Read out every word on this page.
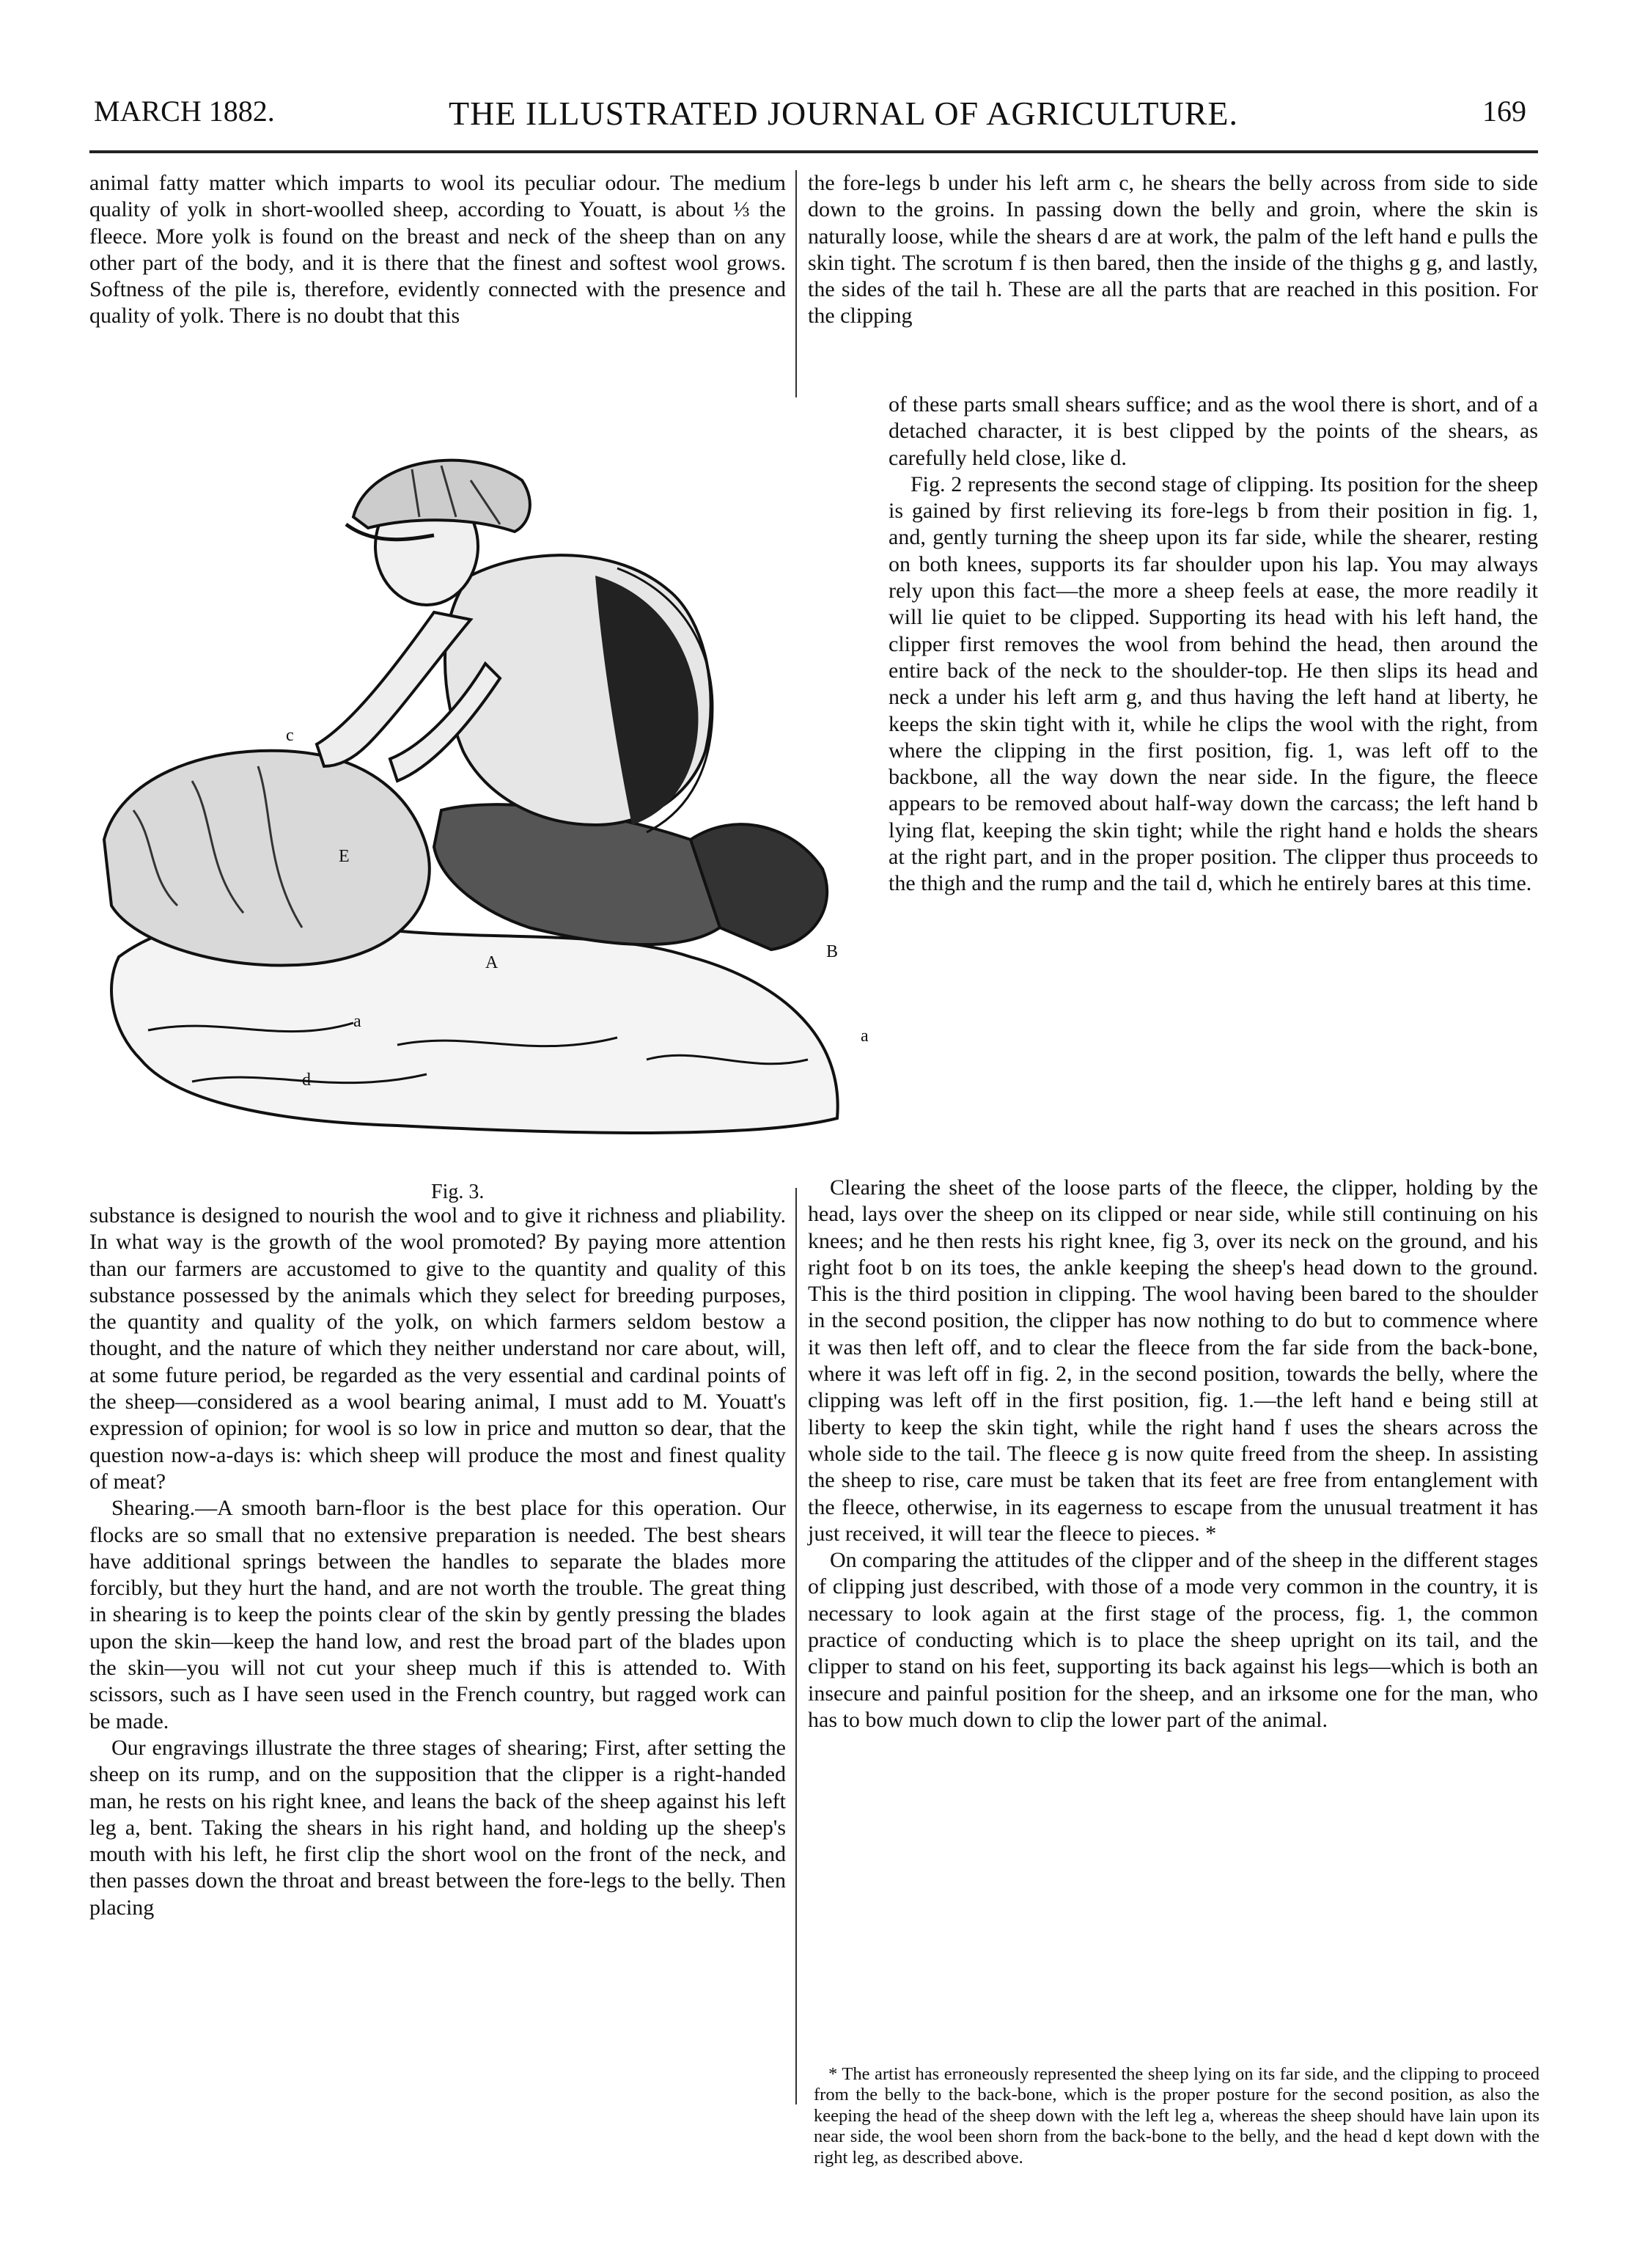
MARCH 1882.	THE ILLUSTRATED JOURNAL OF AGRICULTURE.	169

animal fatty matter which imparts to wool its peculiar odour. The medium quality of yolk in short-woolled sheep, according to Youatt, is about ⅓ the fleece. More yolk is found on the breast and neck of the sheep than on any other part of the body, and it is there that the finest and softest wool grows. Softness of the pile is, therefore, evidently connected with the presence and quality of yolk. There is no doubt that this

the fore-legs b under his left arm c, he shears the belly across from side to side down to the groins. In passing down the belly and groin, where the skin is naturally loose, while the shears d are at work, the palm of the left hand e pulls the skin tight. The scrotum f is then bared, then the inside of the thighs g g, and lastly, the sides of the tail h. These are all the parts that are reached in this position. For the clipping

c
E
B
A
a
a
d
Fig. 3.

of these parts small shears suffice; and as the wool there is short, and of a detached character, it is best clipped by the points of the shears, as carefully held close, like d.

Fig. 2 represents the second stage of clipping. Its position for the sheep is gained by first relieving its fore-legs b from their position in fig. 1, and, gently turning the sheep upon its far side, while the shearer, resting on both knees, supports its far shoulder upon his lap. You may always rely upon this fact—the more a sheep feels at ease, the more readily it will lie quiet to be clipped. Supporting its head with his left hand, the clipper first removes the wool from behind the head, then around the entire back of the neck to the shoulder-top. He then slips its head and neck a under his left arm g, and thus having the left hand at liberty, he keeps the skin tight with it, while he clips the wool with the right, from where the clipping in the first position, fig. 1, was left off to the backbone, all the way down the near side. In the figure, the fleece appears to be removed about half-way down the carcass; the left hand b lying flat, keeping the skin tight; while the right hand e holds the shears at the right part, and in the proper position. The clipper thus proceeds to the thigh and the rump and the tail d, which he entirely bares at this time.

substance is designed to nourish the wool and to give it richness and pliability. In what way is the growth of the wool promoted? By paying more attention than our farmers are accustomed to give to the quantity and quality of this substance possessed by the animals which they select for breeding purposes, the quantity and quality of the yolk, on which farmers seldom bestow a thought, and the nature of which they neither understand nor care about, will, at some future period, be regarded as the very essential and cardinal points of the sheep—considered as a wool bearing animal, I must add to M. Youatt's expression of opinion; for wool is so low in price and mutton so dear, that the question now-a-days is: which sheep will produce the most and finest quality of meat?

Shearing.—A smooth barn-floor is the best place for this operation. Our flocks are so small that no extensive preparation is needed. The best shears have additional springs between the handles to separate the blades more forcibly, but they hurt the hand, and are not worth the trouble. The great thing in shearing is to keep the points clear of the skin by gently pressing the blades upon the skin—keep the hand low, and rest the broad part of the blades upon the skin—you will not cut your sheep much if this is attended to. With scissors, such as I have seen used in the French country, but ragged work can be made.

Our engravings illustrate the three stages of shearing; First, after setting the sheep on its rump, and on the supposition that the clipper is a right-handed man, he rests on his right knee, and leans the back of the sheep against his left leg a, bent. Taking the shears in his right hand, and holding up the sheep's mouth with his left, he first clip the short wool on the front of the neck, and then passes down the throat and breast between the fore-legs to the belly. Then placing

Clearing the sheet of the loose parts of the fleece, the clipper, holding by the head, lays over the sheep on its clipped or near side, while still continuing on his knees; and he then rests his right knee, fig 3, over its neck on the ground, and his right foot b on its toes, the ankle keeping the sheep's head down to the ground. This is the third position in clipping. The wool having been bared to the shoulder in the second position, the clipper has now nothing to do but to commence where it was then left off, and to clear the fleece from the far side from the back-bone, where it was left off in fig. 2, in the second position, towards the belly, where the clipping was left off in the first position, fig. 1.—the left hand e being still at liberty to keep the skin tight, while the right hand f uses the shears across the whole side to the tail. The fleece g is now quite freed from the sheep. In assisting the sheep to rise, care must be taken that its feet are free from entanglement with the fleece, otherwise, in its eagerness to escape from the unusual treatment it has just received, it will tear the fleece to pieces. *

On comparing the attitudes of the clipper and of the sheep in the different stages of clipping just described, with those of a mode very common in the country, it is necessary to look again at the first stage of the process, fig. 1, the common practice of conducting which is to place the sheep upright on its tail, and the clipper to stand on his feet, supporting its back against his legs—which is both an insecure and painful position for the sheep, and an irksome one for the man, who has to bow much down to clip the lower part of the animal.

* The artist has erroneously represented the sheep lying on its far side, and the clipping to proceed from the belly to the back-bone, which is the proper posture for the second position, as also the keeping the head of the sheep down with the left leg a, whereas the sheep should have lain upon its near side, the wool been shorn from the back-bone to the belly, and the head d kept down with the right leg, as described above.
